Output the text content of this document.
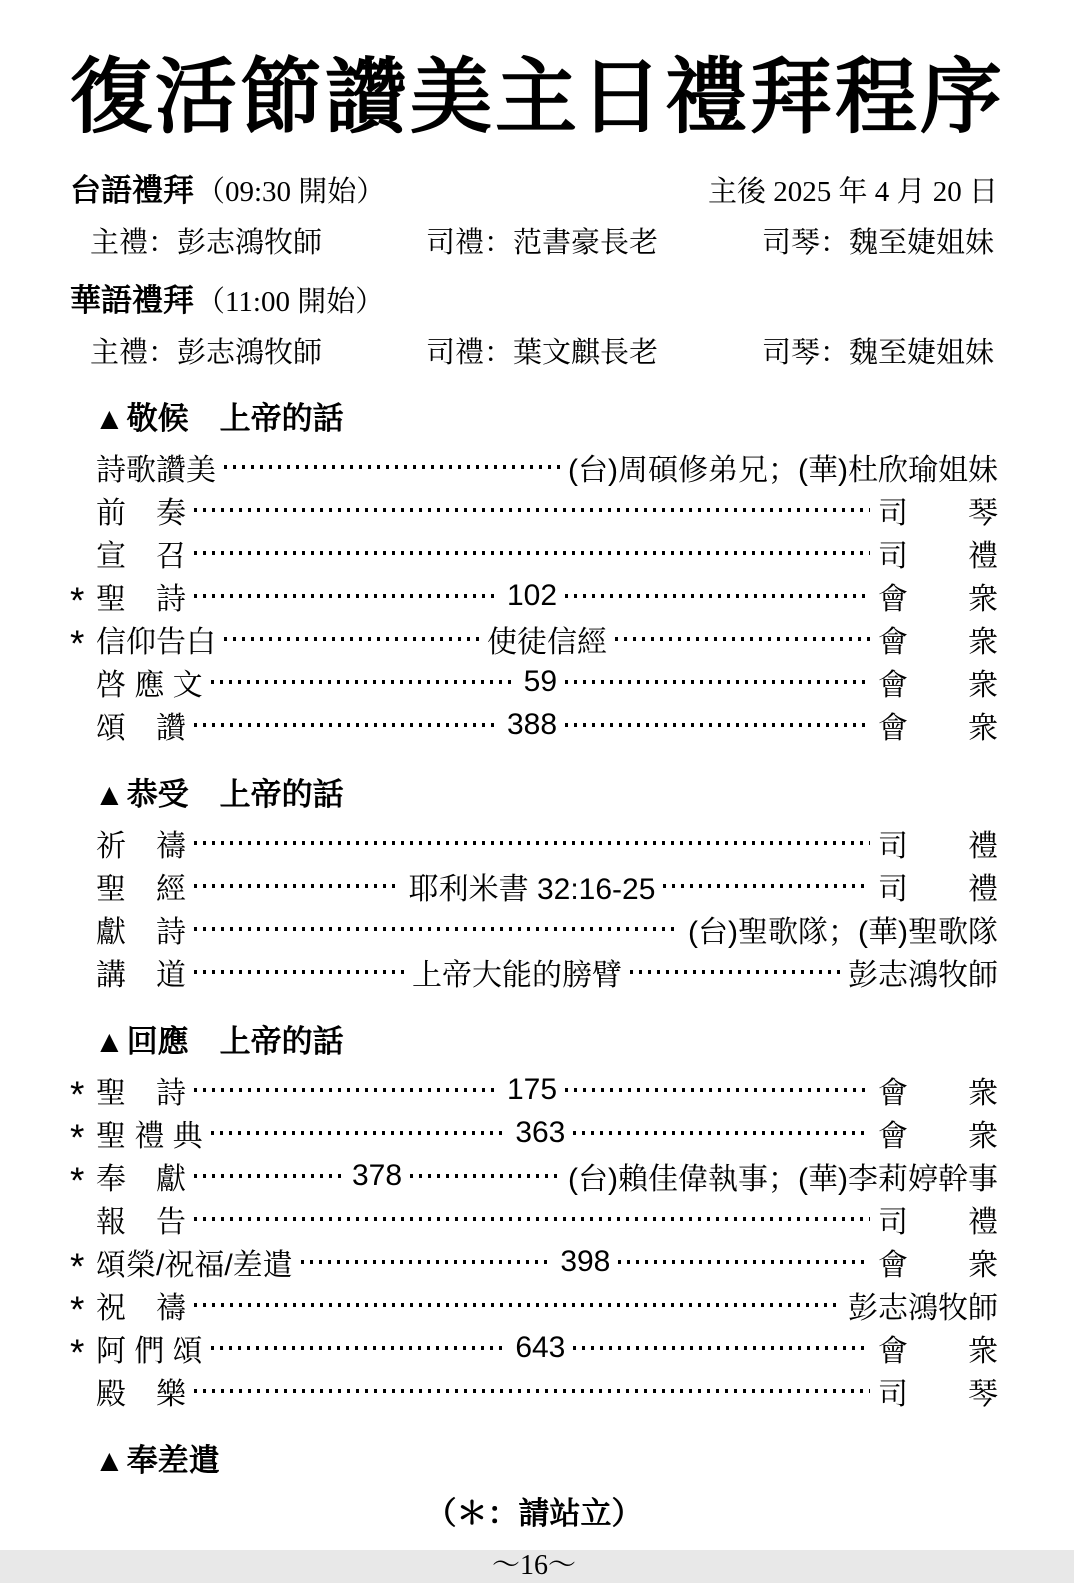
復活節讚美主日禮拜程序
台語禮拜 （09:30 開始）	主後 2025 年 4 月 20 日
主禮：彭志鴻牧師	司禮：范書豪長老	司琴：魏至婕姐妹
華語禮拜 （11:00 開始）
主禮：彭志鴻牧師	司禮：葉文麒長老	司琴：魏至婕姐妹
▲敬候　上帝的話
詩歌讚美	(台)周碩修弟兄；(華)杜欣瑜姐妹
前　奏	司　　琴
宣　召	司　　禮
* 聖　詩	102	會　　衆
* 信仰告白	使徒信經	會　　衆
啓 應 文	59	會　　衆
頌　讚	388	會　　衆
▲恭受　上帝的話
祈　禱	司　　禮
聖　經	耶利米書 32:16-25	司　　禮
獻　詩	(台)聖歌隊；(華)聖歌隊
講　道	上帝大能的膀臂	彭志鴻牧師
▲回應　上帝的話
* 聖　詩	175	會　　衆
* 聖 禮 典	363	會　　衆
* 奉　獻	378	(台)賴佳偉執事；(華)李莉婷幹事
報　告	司　　禮
* 頌榮/祝福/差遣	398	會　　衆
* 祝　禱	彭志鴻牧師
* 阿 們 頌	643	會　　衆
殿　樂	司　　琴
▲奉差遣
（＊：請站立）
～16～
